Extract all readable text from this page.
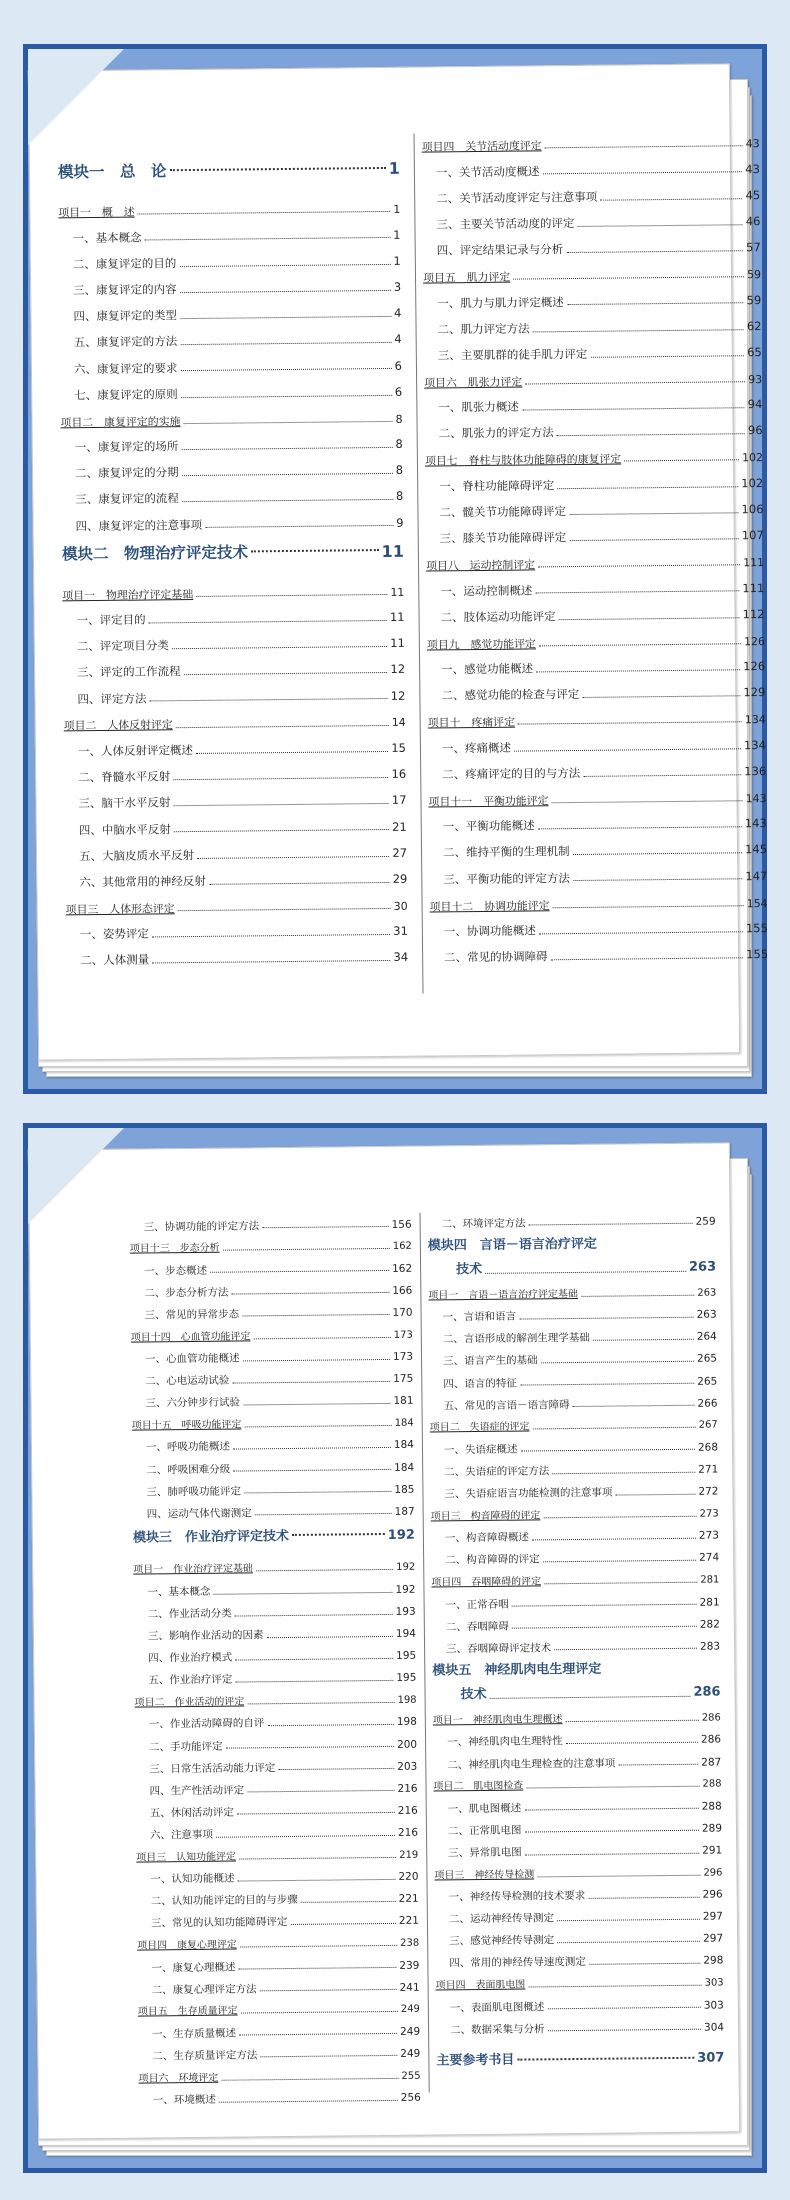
模块一　总　论	1
项目一　概　述	1
一、基本概念	1
二、康复评定的目的	1
三、康复评定的内容	3
四、康复评定的类型	4
五、康复评定的方法	4
六、康复评定的要求	6
七、康复评定的原则	6
项目二　康复评定的实施	8
一、康复评定的场所	8
二、康复评定的分期	8
三、康复评定的流程	8
四、康复评定的注意事项	9
模块二　物理治疗评定技术	11
项目一　物理治疗评定基础	11
一、评定目的	11
二、评定项目分类	11
三、评定的工作流程	12
四、评定方法	12
项目二　人体反射评定	14
一、人体反射评定概述	15
二、脊髓水平反射	16
三、脑干水平反射	17
四、中脑水平反射	21
五、大脑皮质水平反射	27
六、其他常用的神经反射	29
项目三　人体形态评定	30
一、姿势评定	31
二、人体测量	34
项目四　关节活动度评定	43
一、关节活动度概述	43
二、关节活动度评定与注意事项	45
三、主要关节活动度的评定	46
四、评定结果记录与分析	57
项目五　肌力评定	59
一、肌力与肌力评定概述	59
二、肌力评定方法	62
三、主要肌群的徒手肌力评定	65
项目六　肌张力评定	93
一、肌张力概述	94
二、肌张力的评定方法	96
项目七　脊柱与肢体功能障碍的康复评定	102
一、脊柱功能障碍评定	102
二、髋关节功能障碍评定	106
三、膝关节功能障碍评定	107
项目八　运动控制评定	111
一、运动控制概述	111
二、肢体运动功能评定	112
项目九　感觉功能评定	126
一、感觉功能概述	126
二、感觉功能的检查与评定	129
项目十　疼痛评定	134
一、疼痛概述	134
二、疼痛评定的目的与方法	136
项目十一　平衡功能评定	143
一、平衡功能概述	143
二、维持平衡的生理机制	145
三、平衡功能的评定方法	147
项目十二　协调功能评定	154
一、协调功能概述	155
二、常见的协调障碍	155
三、协调功能的评定方法	156
项目十三　步态分析	162
一、步态概述	162
二、步态分析方法	166
三、常见的异常步态	170
项目十四　心血管功能评定	173
一、心血管功能概述	173
二、心电运动试验	175
三、六分钟步行试验	181
项目十五　呼吸功能评定	184
一、呼吸功能概述	184
二、呼吸困难分级	184
三、肺呼吸功能评定	185
四、运动气体代谢测定	187
模块三　作业治疗评定技术	192
项目一　作业治疗评定基础	192
一、基本概念	192
二、作业活动分类	193
三、影响作业活动的因素	194
四、作业治疗模式	195
五、作业治疗评定	195
项目二　作业活动的评定	198
一、作业活动障碍的自评	198
二、手功能评定	200
三、日常生活活动能力评定	203
四、生产性活动评定	216
五、休闲活动评定	216
六、注意事项	216
项目三　认知功能评定	219
一、认知功能概述	220
二、认知功能评定的目的与步骤	221
三、常见的认知功能障碍评定	221
项目四　康复心理评定	238
一、康复心理概述	239
二、康复心理评定方法	241
项目五　生存质量评定	249
一、生存质量概述	249
二、生存质量评定方法	249
项目六　环境评定	255
一、环境概述	256
二、环境评定方法	259
模块四　言语－语言治疗评定
技术	263
项目一　言语－语言治疗评定基础	263
一、言语和语言	263
二、言语形成的解剖生理学基础	264
三、语言产生的基础	265
四、语言的特征	265
五、常见的言语－语言障碍	266
项目二　失语症的评定	267
一、失语症概述	268
二、失语症的评定方法	271
三、失语症语言功能检测的注意事项	272
项目三　构音障碍的评定	273
一、构音障碍概述	273
二、构音障碍的评定	274
项目四　吞咽障碍的评定	281
一、正常吞咽	281
二、吞咽障碍	282
三、吞咽障碍评定技术	283
模块五　神经肌肉电生理评定
技术	286
项目一　神经肌肉电生理概述	286
一、神经肌肉电生理特性	286
二、神经肌肉电生理检查的注意事项	287
项目二　肌电图检查	288
一、肌电图概述	288
二、正常肌电图	289
三、异常肌电图	291
项目三　神经传导检测	296
一、神经传导检测的技术要求	296
二、运动神经传导测定	297
三、感觉神经传导测定	297
四、常用的神经传导速度测定	298
项目四　表面肌电图	303
一、表面肌电图概述	303
二、数据采集与分析	304
主要参考书目	307
